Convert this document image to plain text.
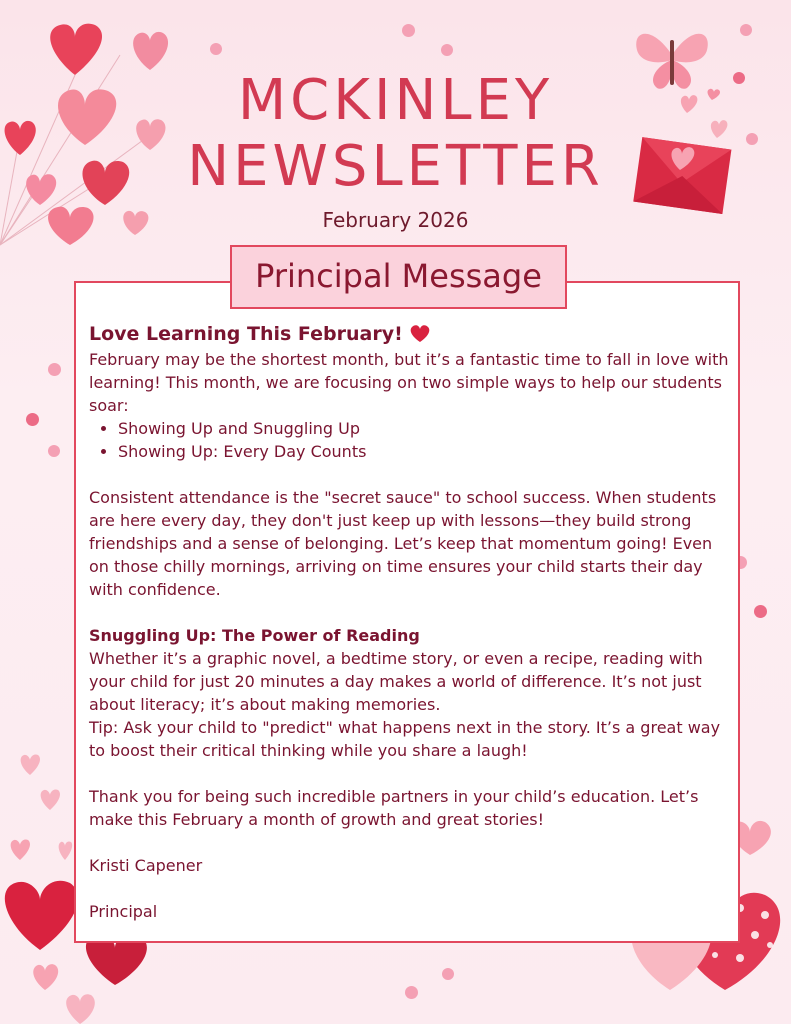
MCKINLEY
NEWSLETTER
February 2026
Principal Message

Love Learning This February!

February may be the shortest month, but it’s a fantastic time to fall in love with learning! This month, we are focusing on two simple ways to help our students soar:

• Showing Up and Snuggling Up
• Showing Up: Every Day Counts

Consistent attendance is the "secret sauce" to school success. When students are here every day, they don't just keep up with lessons—they build strong friendships and a sense of belonging. Let’s keep that momentum going! Even on those chilly mornings, arriving on time ensures your child starts their day with confidence.

Snuggling Up: The Power of Reading

Whether it’s a graphic novel, a bedtime story, or even a recipe, reading with your child for just 20 minutes a day makes a world of difference. It’s not just about literacy; it’s about making memories.

Tip: Ask your child to "predict" what happens next in the story. It’s a great way to boost their critical thinking while you share a laugh!

Thank you for being such incredible partners in your child’s education. Let’s make this February a month of growth and great stories!

Kristi Capener

Principal
